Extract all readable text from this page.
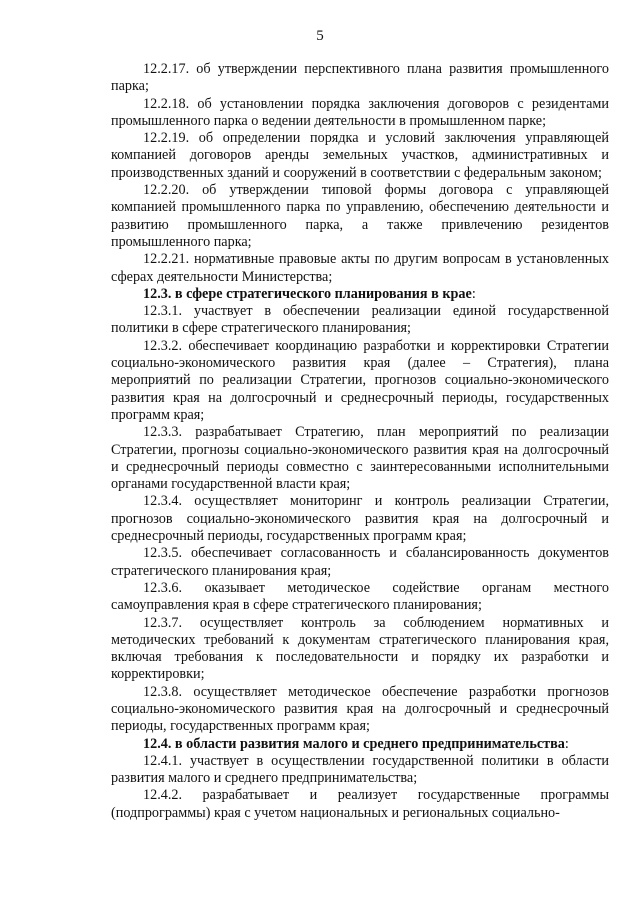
5

12.2.17. об утверждении перспективного плана развития промышленного парка;

12.2.18. об установлении порядка заключения договоров с резидентами промышленного парка о ведении деятельности в промышленном парке;

12.2.19. об определении порядка и условий заключения управляющей компанией договоров аренды земельных участков, административных и производственных зданий и сооружений в соответствии с федеральным законом;

12.2.20. об утверждении типовой формы договора с управляющей компанией промышленного парка по управлению, обеспечению деятельности и развитию промышленного парка, а также привлечению резидентов промышленного парка;

12.2.21. нормативные правовые акты по другим вопросам в установленных сферах деятельности Министерства;

12.3. в сфере стратегического планирования в крае:

12.3.1. участвует в обеспечении реализации единой государственной политики в сфере стратегического планирования;

12.3.2. обеспечивает координацию разработки и корректировки Стратегии социально-экономического развития края (далее – Стратегия), плана мероприятий по реализации Стратегии, прогнозов социально-экономического развития края на долгосрочный и среднесрочный периоды, государственных программ края;

12.3.3. разрабатывает Стратегию, план мероприятий по реализации Стратегии, прогнозы социально-экономического развития края на долгосрочный и среднесрочный периоды совместно с заинтересованными исполнительными органами государственной власти края;

12.3.4. осуществляет мониторинг и контроль реализации Стратегии, прогнозов социально-экономического развития края на долгосрочный и среднесрочный периоды, государственных программ края;

12.3.5. обеспечивает согласованность и сбалансированность документов стратегического планирования края;

12.3.6. оказывает методическое содействие органам местного самоуправления края в сфере стратегического планирования;

12.3.7. осуществляет контроль за соблюдением нормативных и методических требований к документам стратегического планирования края, включая требования к последовательности и порядку их разработки и корректировки;

12.3.8. осуществляет методическое обеспечение разработки прогнозов социально-экономического развития края на долгосрочный и среднесрочный периоды, государственных программ края;

12.4. в области развития малого и среднего предпринимательства:

12.4.1. участвует в осуществлении государственной политики в области развития малого и среднего предпринимательства;

12.4.2. разрабатывает и реализует государственные программы (подпрограммы) края с учетом национальных и региональных социально-
